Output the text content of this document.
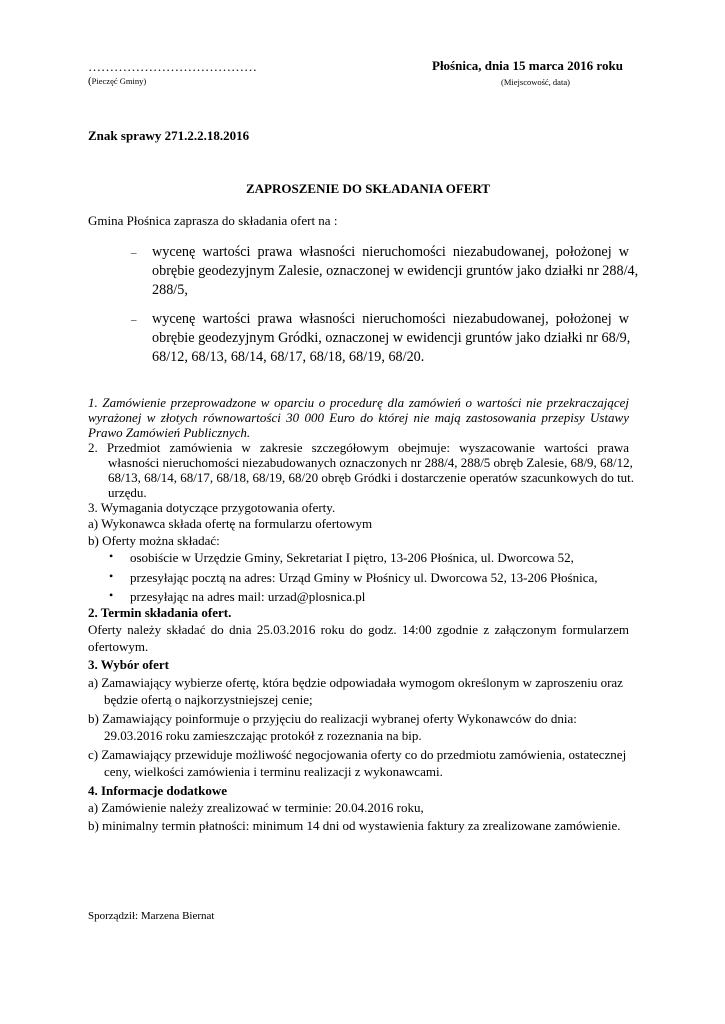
…………………………………
(Pieczęć Gminy)
Płośnica, dnia 15 marca 2016 roku
(Miejscowość, data)
Znak sprawy 271.2.2.18.2016
ZAPROSZENIE DO SKŁADANIA OFERT
Gmina Płośnica zaprasza do składania ofert na :
– wycenę wartości prawa własności nieruchomości niezabudowanej, położonej w
obrębie geodezyjnym Zalesie, oznaczonej w ewidencji gruntów jako działki nr 288/4,
288/5,
– wycenę wartości prawa własności nieruchomości niezabudowanej, położonej w
obrębie geodezyjnym Gródki, oznaczonej w ewidencji gruntów jako działki nr 68/9,
68/12, 68/13, 68/14, 68/17, 68/18, 68/19, 68/20.
1. Zamówienie przeprowadzone w oparciu o procedurę dla zamówień o wartości nie przekraczającej
wyrażonej w złotych równowartości 30 000 Euro do której nie mają zastosowania przepisy Ustawy
Prawo Zamówień Publicznych.
2. Przedmiot zamówienia w zakresie szczegółowym obejmuje: wyszacowanie wartości prawa
własności nieruchomości niezabudowanych oznaczonych nr 288/4, 288/5 obręb Zalesie, 68/9, 68/12,
68/13, 68/14, 68/17, 68/18, 68/19, 68/20 obręb Gródki i dostarczenie operatów szacunkowych do tut.
urzędu.
3. Wymagania dotyczące przygotowania oferty.
a) Wykonawca składa ofertę na formularzu ofertowym
b) Oferty można składać:
• osobiście w Urzędzie Gminy, Sekretariat I piętro, 13-206 Płośnica, ul. Dworcowa 52,
• przesyłając pocztą na adres: Urząd Gminy w Płośnicy ul. Dworcowa 52, 13-206 Płośnica,
• przesyłając na adres mail: urzad@plosnica.pl
2. Termin składania ofert.
Oferty należy składać do dnia 25.03.2016 roku do godz. 14:00 zgodnie z załączonym formularzem
ofertowym.
3. Wybór ofert
a) Zamawiający wybierze ofertę, która będzie odpowiadała wymogom określonym w zaproszeniu oraz
będzie ofertą o najkorzystniejszej cenie;
b) Zamawiający poinformuje o przyjęciu do realizacji wybranej oferty Wykonawców do dnia:
29.03.2016 roku zamieszczając protokół z rozeznania na bip.
c) Zamawiający przewiduje możliwość negocjowania oferty co do przedmiotu zamówienia, ostatecznej
ceny, wielkości zamówienia i terminu realizacji z wykonawcami.
4. Informacje dodatkowe
a) Zamówienie należy zrealizować w terminie: 20.04.2016 roku,
b) minimalny termin płatności: minimum 14 dni od wystawienia faktury za zrealizowane zamówienie.
Sporządził: Marzena Biernat
